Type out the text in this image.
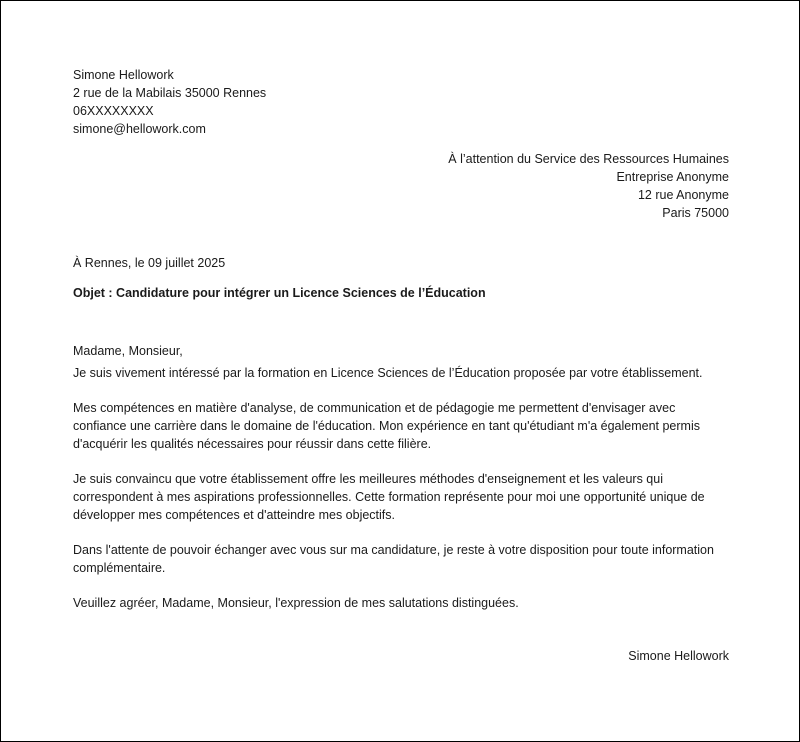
Simone Hellowork
2 rue de la Mabilais 35000 Rennes
06XXXXXXXX
simone@hellowork.com
À l’attention du Service des Ressources Humaines
Entreprise Anonyme
12 rue Anonyme
Paris 75000
À Rennes, le 09 juillet 2025
Objet : Candidature pour intégrer un Licence Sciences de l’Éducation
Madame, Monsieur,
Je suis vivement intéressé par la formation en Licence Sciences de l’Éducation proposée par votre établissement.
Mes compétences en matière d'analyse, de communication et de pédagogie me permettent d'envisager avec confiance une carrière dans le domaine de l'éducation. Mon expérience en tant qu'étudiant m'a également permis d'acquérir les qualités nécessaires pour réussir dans cette filière.
Je suis convaincu que votre établissement offre les meilleures méthodes d'enseignement et les valeurs qui correspondent à mes aspirations professionnelles. Cette formation représente pour moi une opportunité unique de développer mes compétences et d'atteindre mes objectifs.
Dans l'attente de pouvoir échanger avec vous sur ma candidature, je reste à votre disposition pour toute information complémentaire.
Veuillez agréer, Madame, Monsieur, l'expression de mes salutations distinguées.
Simone Hellowork
